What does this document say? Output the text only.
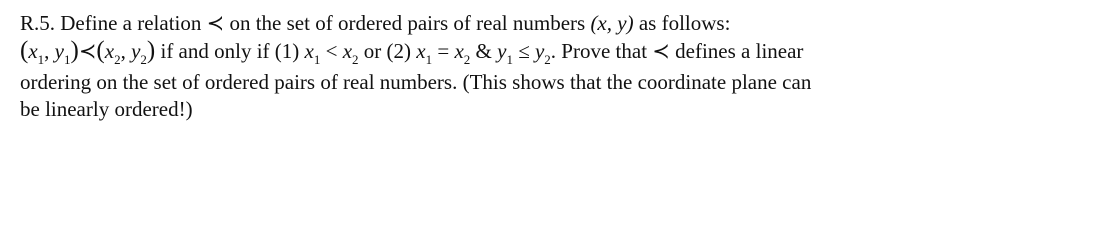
R.5. Define a relation ≺ on the set of ordered pairs of real numbers (x, y) as follows:
($x_1$, $y_1)≺(x_2$, $y_2$) if and only if (1) $x_1 < x_2$ or (2) $x_1 = x_2$ & $y_1 \le y_2$. Prove that ≺ defines a linear
ordering on the set of ordered pairs of real numbers. (This shows that the coordinate plane can
be linearly ordered!)
